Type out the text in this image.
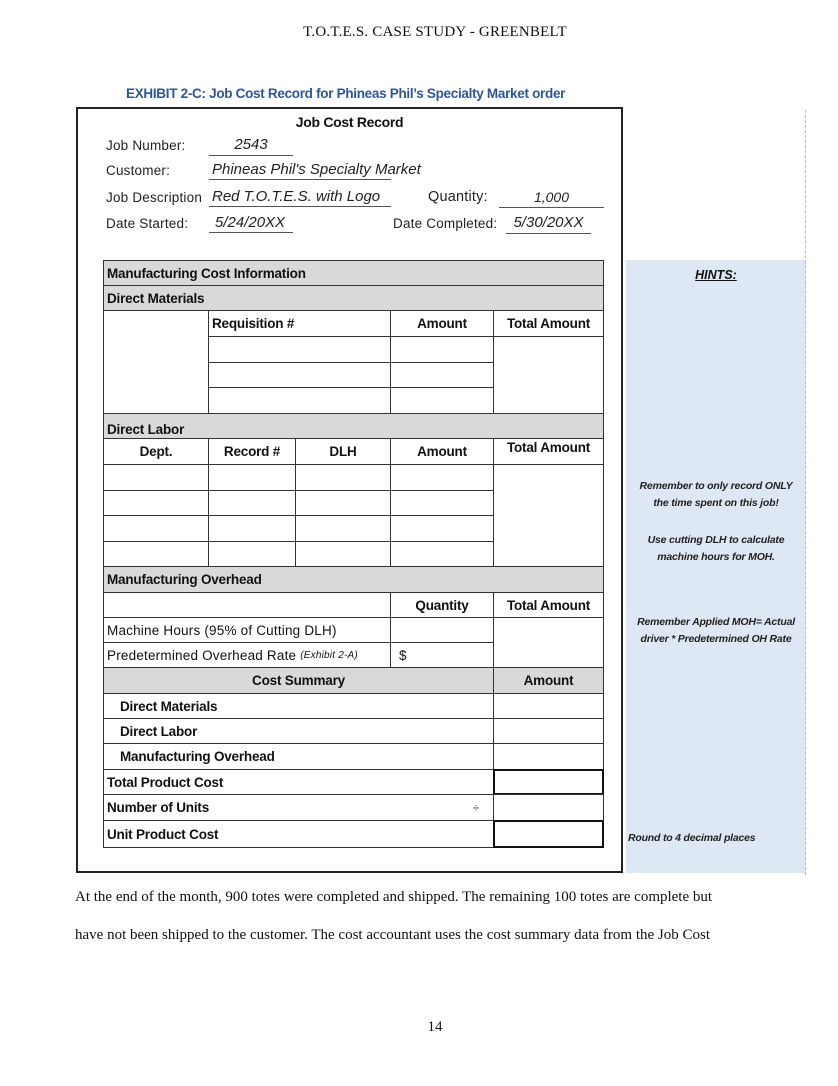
T.O.T.E.S. CASE STUDY - GREENBELT
EXHIBIT 2-C: Job Cost Record for Phineas Phil’s Specialty Market order
Job Cost Record
Job Number:	2543
Customer:	Phineas Phil's Specialty Market
Job Description Red T.O.T.E.S. with Logo	Quantity:	1,000
Date Started:	5/24/20XX	Date Completed:	5/30/20XX
HINTS:
Remember to only record ONLY the time spent on this job!
Use cutting DLH to calculate machine hours for MOH.
Remember Applied MOH= Actual driver * Predetermined OH Rate
Round to 4 decimal places
Manufacturing Cost Information
Direct Materials
Requisition #	Amount	Total Amount
Direct Labor
Dept.	Record #	DLH	Amount	Total Amount
Manufacturing Overhead
Quantity	Total Amount
Machine Hours (95% of Cutting DLH)
Predetermined Overhead Rate (Exhibit 2-A)	$
Cost Summary	Amount
Direct Materials
Direct Labor
Manufacturing Overhead
Total Product Cost
Number of Units	÷
Unit Product Cost
At the end of the month, 900 totes were completed and shipped. The remaining 100 totes are complete but
have not been shipped to the customer. The cost accountant uses the cost summary data from the Job Cost
14
